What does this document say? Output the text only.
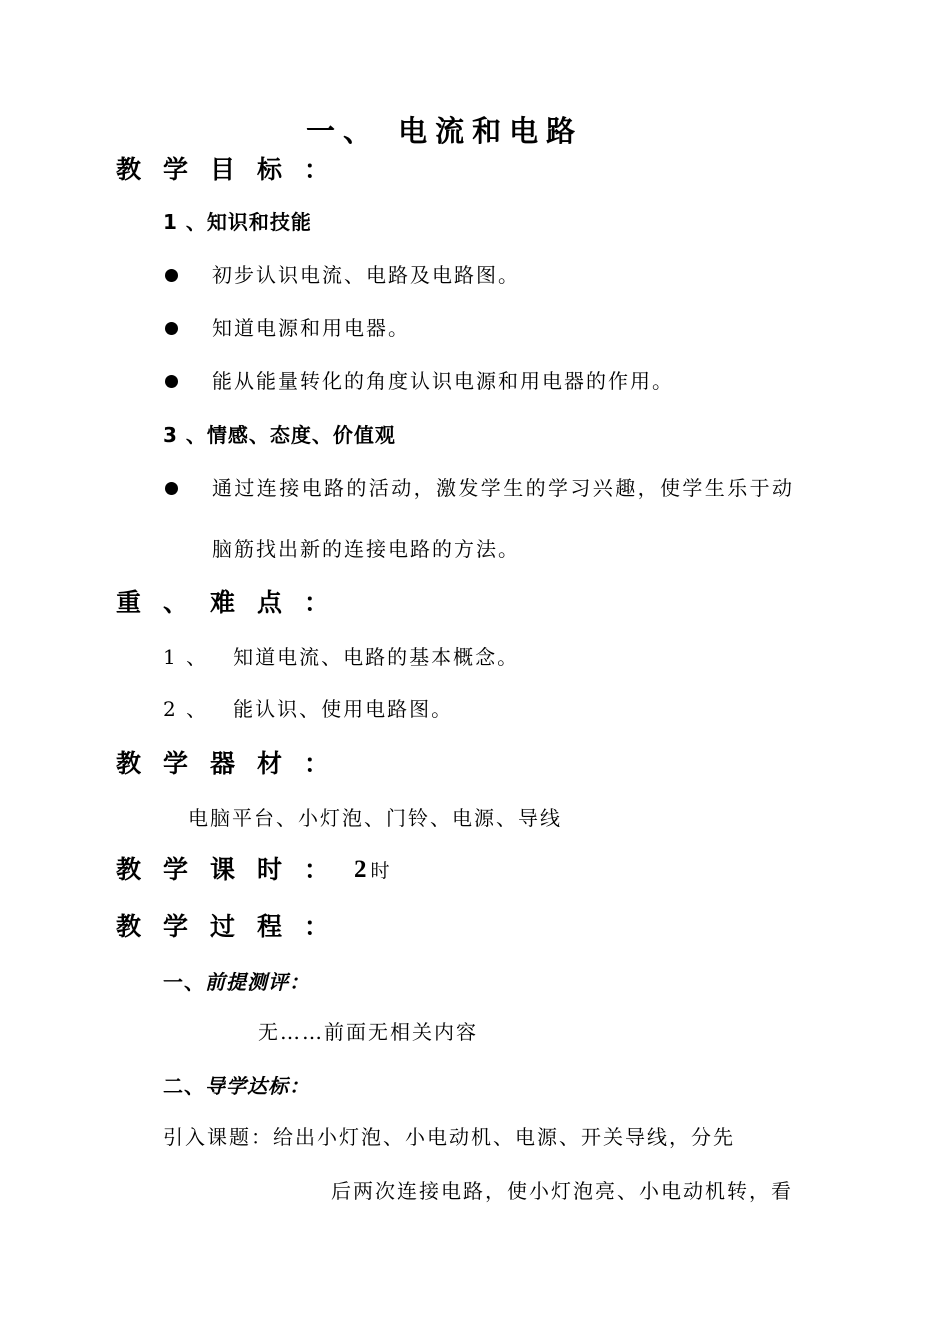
一、 电流和电路
教学目标：
1 、知识和技能
初步认识电流、电路及电路图。
知道电源和用电器。
能从能量转化的角度认识电源和用电器的作用。
3 、情感、态度、价值观
通过连接电路的活动，激发学生的学习兴趣，使学生乐于动
脑筋找出新的连接电路的方法。
重、难点：
1 、   知道电流、电路的基本概念。
2 、   能认识、使用电路图。
教学器材：
电脑平台、小灯泡、门铃、电源、导线
教学课时： 2时
教学过程：
一、前提测评：
无……前面无相关内容
二、导学达标：
引入课题：给出小灯泡、小电动机、电源、开关导线，分先
后两次连接电路，使小灯泡亮、小电动机转，看
